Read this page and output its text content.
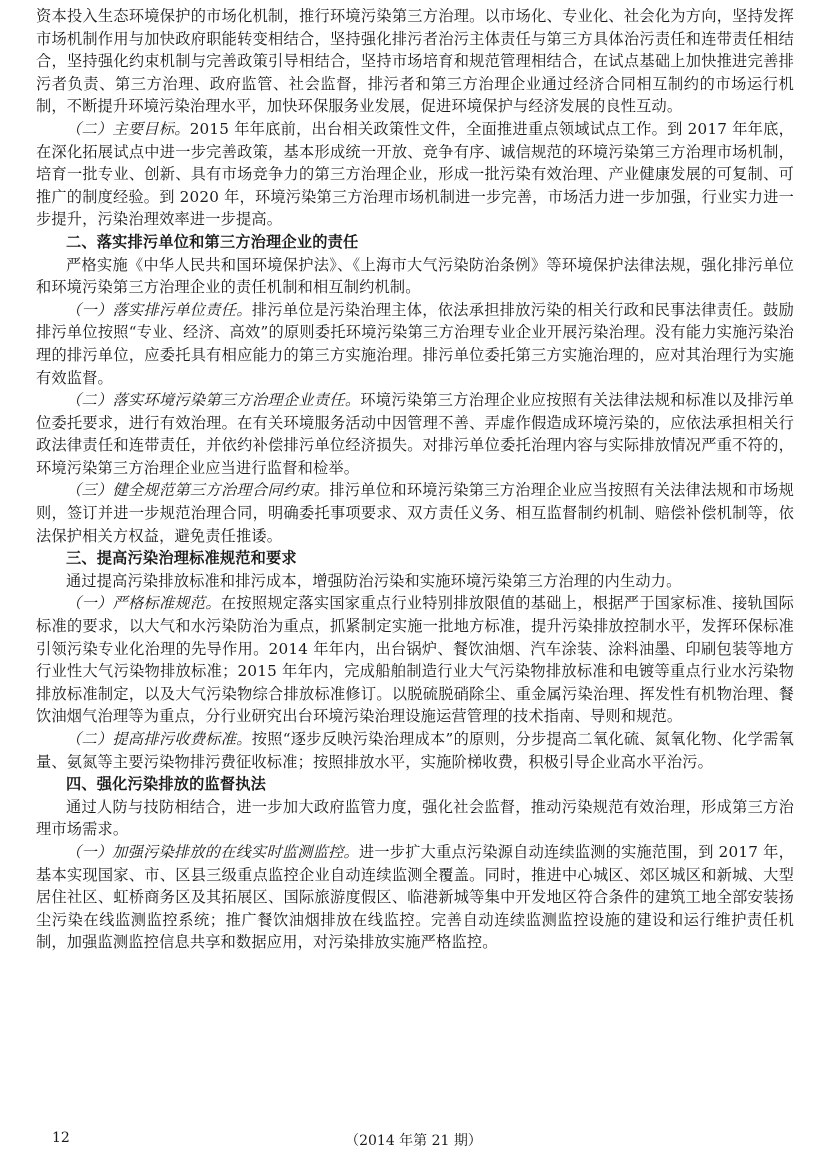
资本投入生态环境保护的市场化机制，推行环境污染第三方治理。以市场化、专业化、社会化为方向，坚持发挥市场机制作用与加快政府职能转变相结合，坚持强化排污者治污主体责任与第三方具体治污责任和连带责任相结合，坚持强化约束机制与完善政策引导相结合，坚持市场培育和规范管理相结合，在试点基础上加快推进完善排污者负责、第三方治理、政府监管、社会监督，排污者和第三方治理企业通过经济合同相互制约的市场运行机制，不断提升环境污染治理水平，加快环保服务业发展，促进环境保护与经济发展的良性互动。

（二）主要目标。2015 年年底前，出台相关政策性文件，全面推进重点领域试点工作。到 2017 年年底，在深化拓展试点中进一步完善政策，基本形成统一开放、竞争有序、诚信规范的环境污染第三方治理市场机制，培育一批专业、创新、具有市场竞争力的第三方治理企业，形成一批污染有效治理、产业健康发展的可复制、可推广的制度经验。到 2020 年，环境污染第三方治理市场机制进一步完善，市场活力进一步加强，行业实力进一步提升，污染治理效率进一步提高。

二、落实排污单位和第三方治理企业的责任

严格实施《中华人民共和国环境保护法》、《上海市大气污染防治条例》等环境保护法律法规，强化排污单位和环境污染第三方治理企业的责任机制和相互制约机制。

（一）落实排污单位责任。排污单位是污染治理主体，依法承担排放污染的相关行政和民事法律责任。鼓励排污单位按照“专业、经济、高效”的原则委托环境污染第三方治理专业企业开展污染治理。没有能力实施污染治理的排污单位，应委托具有相应能力的第三方实施治理。排污单位委托第三方实施治理的，应对其治理行为实施有效监督。

（二）落实环境污染第三方治理企业责任。环境污染第三方治理企业应按照有关法律法规和标准以及排污单位委托要求，进行有效治理。在有关环境服务活动中因管理不善、弄虚作假造成环境污染的，应依法承担相关行政法律责任和连带责任，并依约补偿排污单位经济损失。对排污单位委托治理内容与实际排放情况严重不符的，环境污染第三方治理企业应当进行监督和检举。

（三）健全规范第三方治理合同约束。排污单位和环境污染第三方治理企业应当按照有关法律法规和市场规则，签订并进一步规范治理合同，明确委托事项要求、双方责任义务、相互监督制约机制、赔偿补偿机制等，依法保护相关方权益，避免责任推诿。

三、提高污染治理标准规范和要求

通过提高污染排放标准和排污成本，增强防治污染和实施环境污染第三方治理的内生动力。

（一）严格标准规范。在按照规定落实国家重点行业特别排放限值的基础上，根据严于国家标准、接轨国际标准的要求，以大气和水污染防治为重点，抓紧制定实施一批地方标准，提升污染排放控制水平，发挥环保标准引领污染专业化治理的先导作用。2014 年年内，出台锅炉、餐饮油烟、汽车涂装、涂料油墨、印刷包装等地方行业性大气污染物排放标准；2015 年年内，完成船舶制造行业大气污染物排放标准和电镀等重点行业水污染物排放标准制定，以及大气污染物综合排放标准修订。以脱硫脱硝除尘、重金属污染治理、挥发性有机物治理、餐饮油烟气治理等为重点，分行业研究出台环境污染治理设施运营管理的技术指南、导则和规范。

（二）提高排污收费标准。按照“逐步反映污染治理成本”的原则，分步提高二氧化硫、氮氧化物、化学需氧量、氨氮等主要污染物排污费征收标准；按照排放水平，实施阶梯收费，积极引导企业高水平治污。

四、强化污染排放的监督执法

通过人防与技防相结合，进一步加大政府监管力度，强化社会监督，推动污染规范有效治理，形成第三方治理市场需求。

（一）加强污染排放的在线实时监测监控。进一步扩大重点污染源自动连续监测的实施范围，到 2017 年，基本实现国家、市、区县三级重点监控企业自动连续监测全覆盖。同时，推进中心城区、郊区城区和新城、大型居住社区、虹桥商务区及其拓展区、国际旅游度假区、临港新城等集中开发地区符合条件的建筑工地全部安装扬尘污染在线监测监控系统；推广餐饮油烟排放在线监控。完善自动连续监测监控设施的建设和运行维护责任机制，加强监测监控信息共享和数据应用，对污染排放实施严格监控。

12	（2014 年第 21 期）
